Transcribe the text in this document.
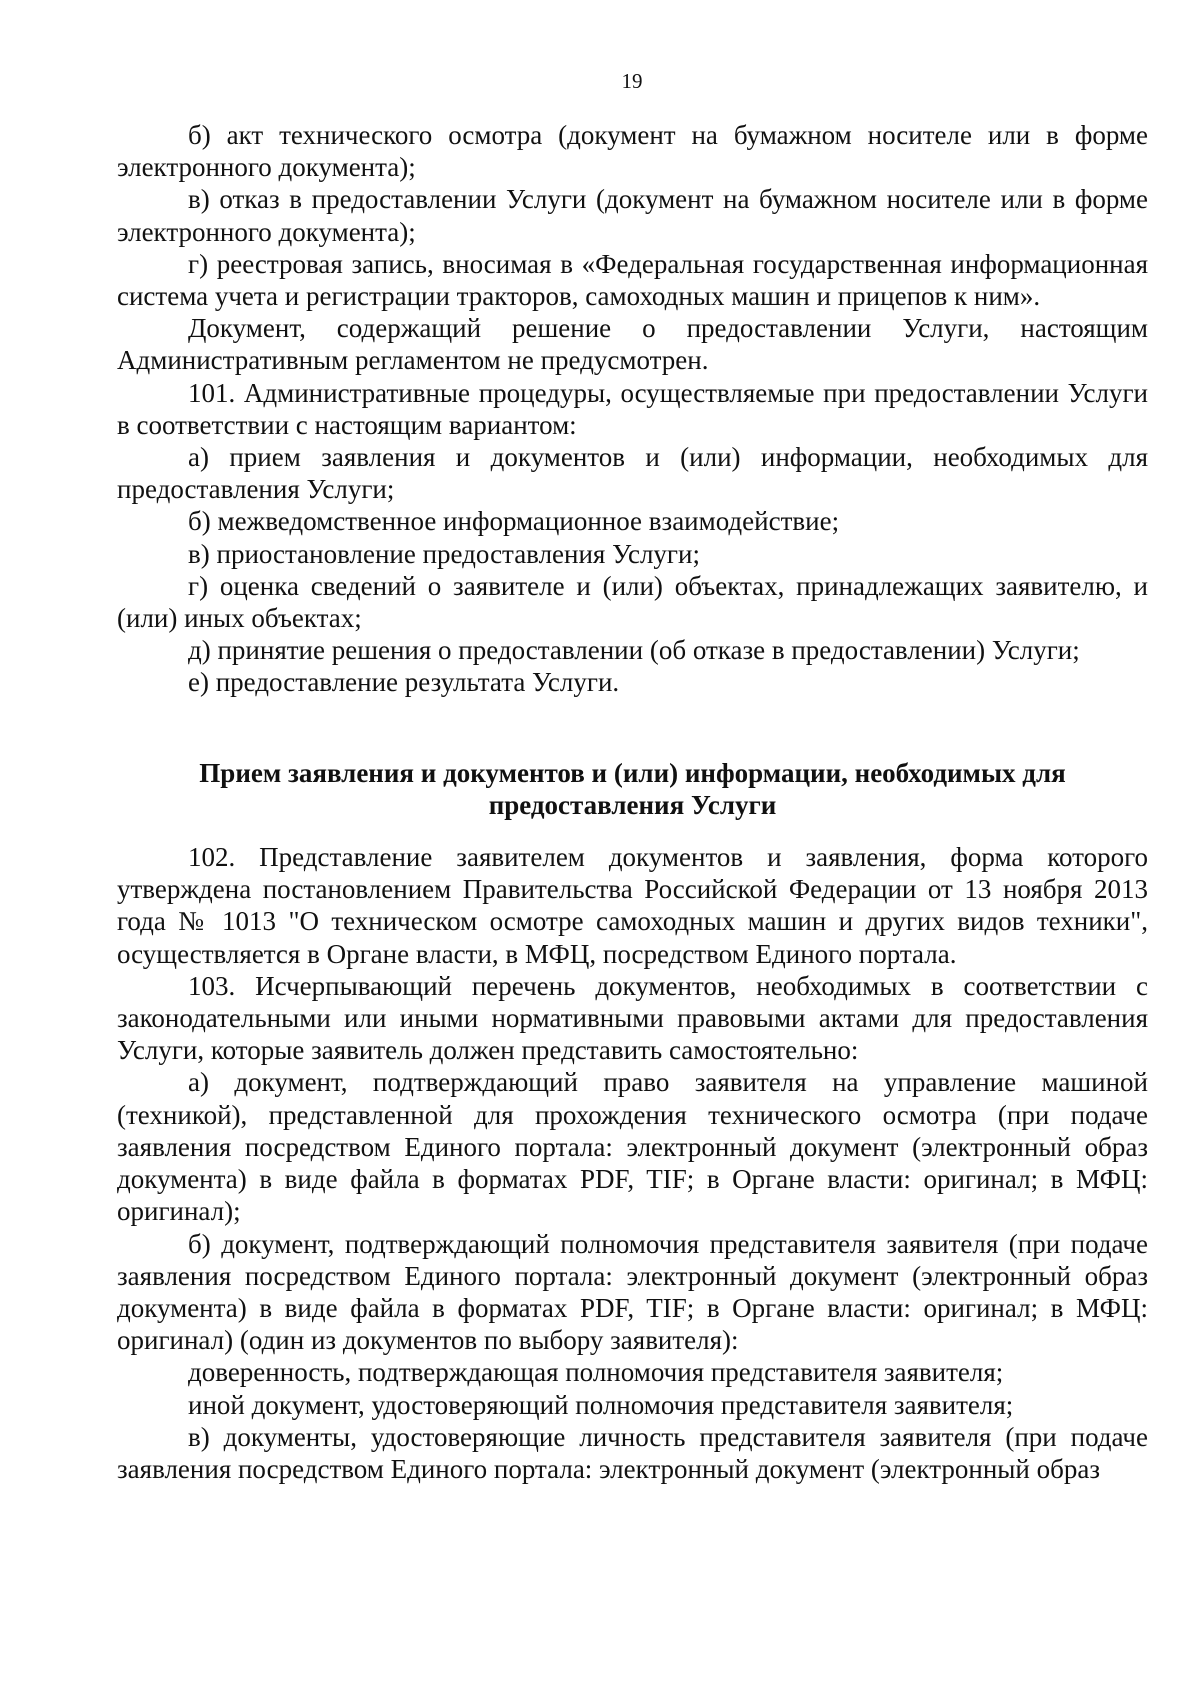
19

б) акт технического осмотра (документ на бумажном носителе или в форме электронного документа);

в) отказ в предоставлении Услуги (документ на бумажном носителе или в форме электронного документа);

г) реестровая запись, вносимая в «Федеральная государственная информационная система учета и регистрации тракторов, самоходных машин и прицепов к ним».

Документ, содержащий решение о предоставлении Услуги, настоящим Административным регламентом не предусмотрен.

101. Административные процедуры, осуществляемые при предоставлении Услуги в соответствии с настоящим вариантом:

а) прием заявления и документов и (или) информации, необходимых для предоставления Услуги;

б) межведомственное информационное взаимодействие;

в) приостановление предоставления Услуги;

г) оценка сведений о заявителе и (или) объектах, принадлежащих заявителю, и (или) иных объектах;

д) принятие решения о предоставлении (об отказе в предоставлении) Услуги;

е) предоставление результата Услуги.

Прием заявления и документов и (или) информации, необходимых для

предоставления Услуги

102. Представление заявителем документов и заявления, форма которого утверждена постановлением Правительства Российской Федерации от 13 ноября 2013 года № 1013 "О техническом осмотре самоходных машин и других видов техники", осуществляется в Органе власти, в МФЦ, посредством Единого портала.

103. Исчерпывающий перечень документов, необходимых в соответствии с законодательными или иными нормативными правовыми актами для предоставления Услуги, которые заявитель должен представить самостоятельно:

а) документ, подтверждающий право заявителя на управление машиной (техникой), представленной для прохождения технического осмотра (при подаче заявления посредством Единого портала: электронный документ (электронный образ документа) в виде файла в форматах PDF, TIF; в Органе власти: оригинал; в МФЦ: оригинал);

б) документ, подтверждающий полномочия представителя заявителя (при подаче заявления посредством Единого портала: электронный документ (электронный образ документа) в виде файла в форматах PDF, TIF; в Органе власти: оригинал; в МФЦ: оригинал) (один из документов по выбору заявителя):

доверенность, подтверждающая полномочия представителя заявителя;

иной документ, удостоверяющий полномочия представителя заявителя;

в) документы, удостоверяющие личность представителя заявителя (при подаче заявления посредством Единого портала: электронный документ (электронный образ
